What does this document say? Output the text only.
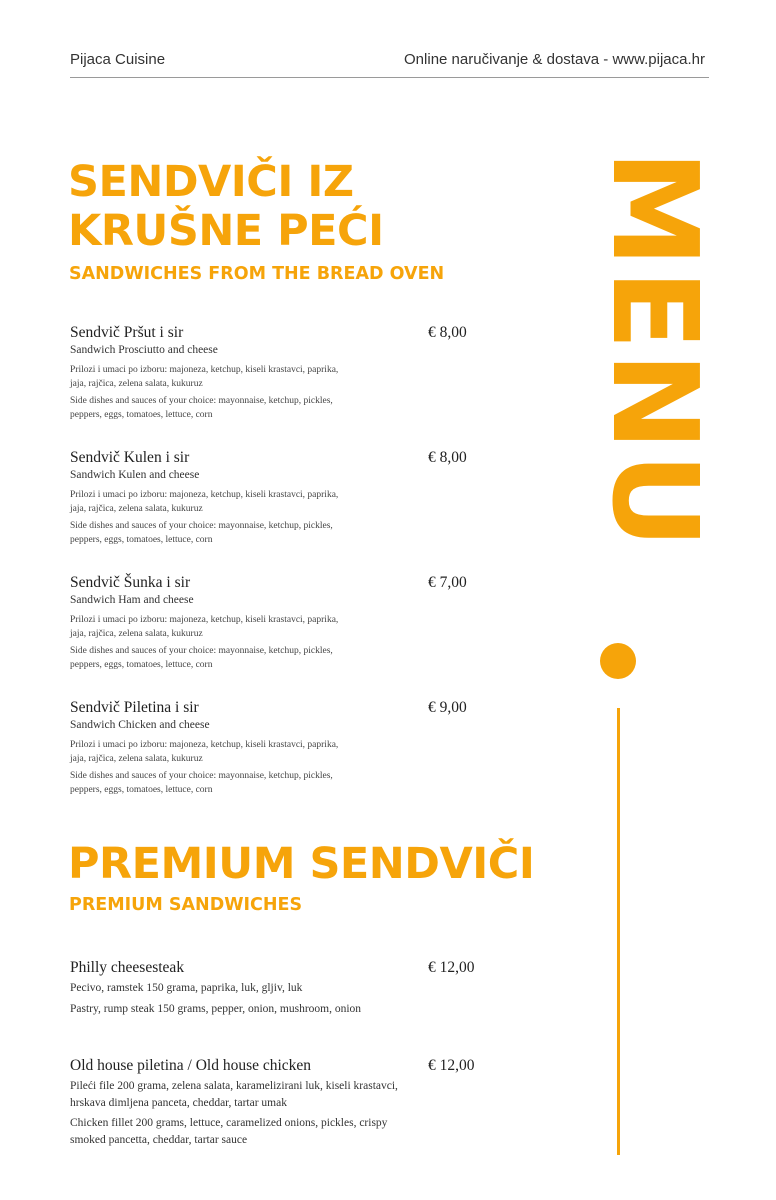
Pijaca Cuisine	Online naručivanje & dostava - www.pijaca.hr
SENDVIČI IZ
KRUŠNE PEĆI
SANDWICHES FROM THE BREAD OVEN
Sendvič Pršut i sir	€ 8,00
Sandwich Prosciutto and cheese
Prilozi i umaci po izboru: majoneza, ketchup, kiseli krastavci, paprika, jaja, rajčica, zelena salata, kukuruz
Side dishes and sauces of your choice: mayonnaise, ketchup, pickles, peppers, eggs, tomatoes, lettuce, corn
Sendvič Kulen i sir	€ 8,00
Sandwich Kulen and cheese
Prilozi i umaci po izboru: majoneza, ketchup, kiseli krastavci, paprika, jaja, rajčica, zelena salata, kukuruz
Side dishes and sauces of your choice: mayonnaise, ketchup, pickles, peppers, eggs, tomatoes, lettuce, corn
Sendvič Šunka i sir	€ 7,00
Sandwich Ham and cheese
Prilozi i umaci po izboru: majoneza, ketchup, kiseli krastavci, paprika, jaja, rajčica, zelena salata, kukuruz
Side dishes and sauces of your choice: mayonnaise, ketchup, pickles, peppers, eggs, tomatoes, lettuce, corn
Sendvič Piletina i sir	€ 9,00
Sandwich Chicken and cheese
Prilozi i umaci po izboru: majoneza, ketchup, kiseli krastavci, paprika, jaja, rajčica, zelena salata, kukuruz
Side dishes and sauces of your choice: mayonnaise, ketchup, pickles, peppers, eggs, tomatoes, lettuce, corn
PREMIUM SENDVIČI
PREMIUM SANDWICHES
Philly cheesesteak	€ 12,00
Pecivo, ramstek 150 grama, paprika, luk, gljiv, luk
Pastry, rump steak 150 grams, pepper, onion, mushroom, onion
Old house piletina / Old house chicken	€ 12,00
Pileći file 200 grama, zelena salata, karamelizirani luk, kiseli krastavci, hrskava dimljena panceta, cheddar, tartar umak
Chicken fillet 200 grams, lettuce, caramelized onions, pickles, crispy smoked pancetta, cheddar, tartar sauce
MENU
